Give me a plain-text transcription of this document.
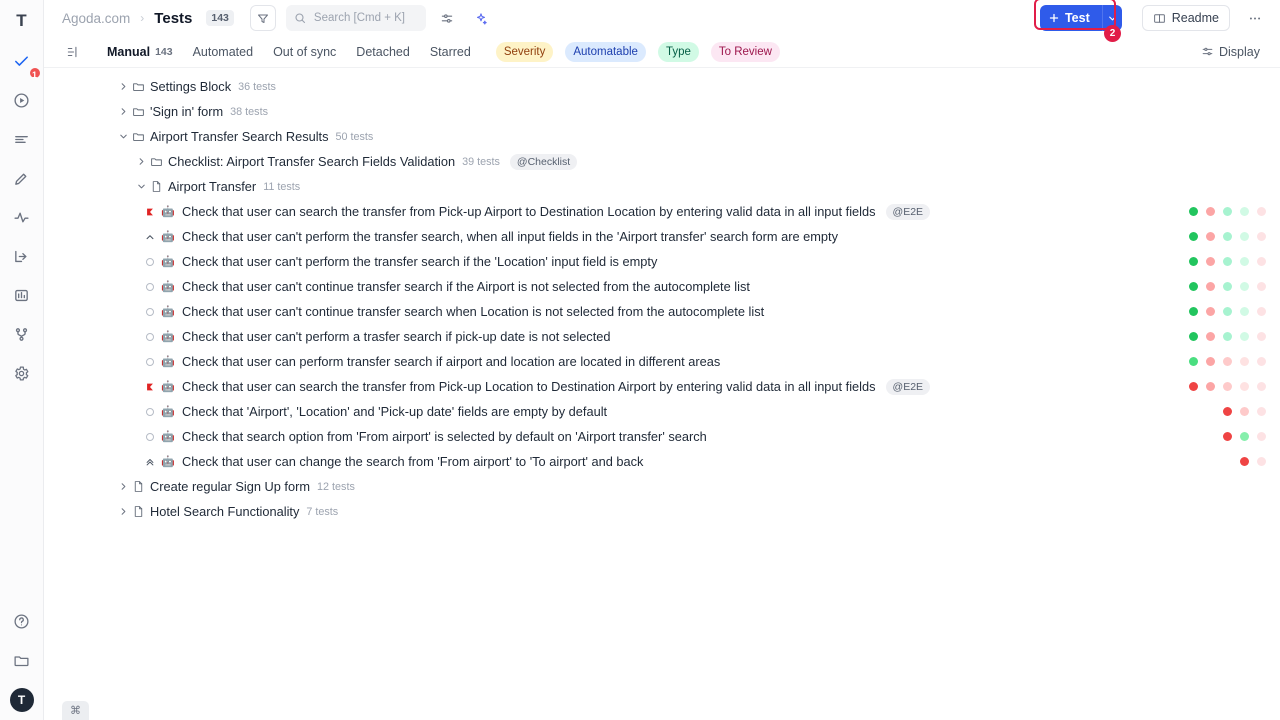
T
1
T
Agoda.com › Tests	143
Search [Cmd + K]	Test
2
Readme
Manual 143 Automated Out of sync Detached Starred	Severity Automatable Type To Review	Display
Settings Block 36 tests
'Sign in' form 38 tests
Airport Transfer Search Results 50 tests
Checklist: Airport Transfer Search Fields Validation 39 tests	@Checklist
Airport Transfer 11 tests
🤖 Check that user can search the transfer from Pick-up Airport to Destination Location by entering valid data in all input fields	@E2E
🤖 Check that user can't perform the transfer search, when all input fields in the 'Airport transfer' search form are empty
🤖 Check that user can't perform the transfer search if the 'Location' input field is empty
🤖 Check that user can't continue transfer search if the Airport is not selected from the autocomplete list
🤖 Check that user can't continue transfer search when Location is not selected from the autocomplete list
🤖 Check that user can't perform a trasfer search if pick-up date is not selected
🤖 Check that user can perform transfer search if airport and location are located in different areas
🤖 Check that user can search the transfer from Pick-up Location to Destination Airport by entering valid data in all input fields	@E2E
🤖 Check that 'Airport', 'Location' and 'Pick-up date' fields are empty by default
🤖 Check that search option from 'From airport' is selected by default on 'Airport transfer' search
🤖 Check that user can change the search from 'From airport' to 'To airport' and back
Create regular Sign Up form 12 tests
Hotel Search Functionality 7 tests
⌘
